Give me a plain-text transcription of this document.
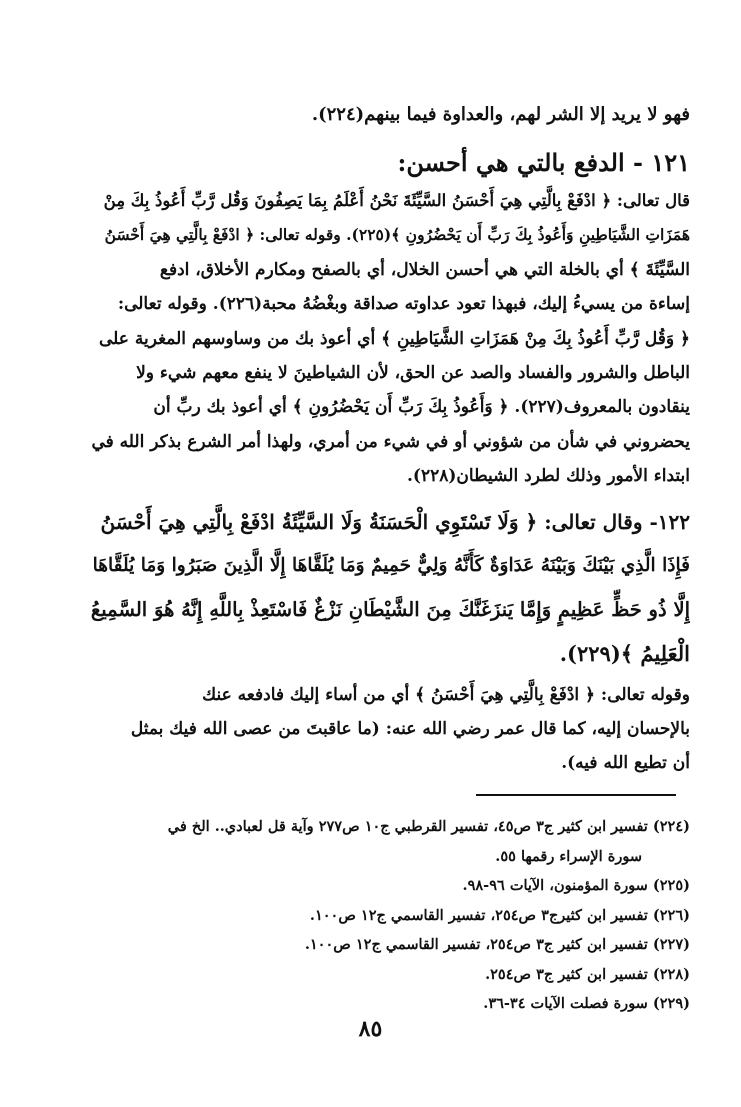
فهو لا يريد إلا الشر لهم، والعداوة فيما بينهم(٢٢٤).

١٢١ - الدفع بالتي هي أحسن:
قال تعالى: ﴿ ادْفَعْ بِالَّتِي هِيَ أَحْسَنُ السَّيِّئَةَ نَحْنُ أَعْلَمُ بِمَا يَصِفُونَ وَقُل رَّبِّ أَعُوذُ بِكَ مِنْ
هَمَزَاتِ الشَّيَاطِينِ وَأَعُوذُ بِكَ رَبِّ أَن يَحْضُرُونِ ﴾(٢٢٥). وقوله تعالى: ﴿ ادْفَعْ بِالَّتِي هِيَ أَحْسَنُ
السَّيِّئَةَ ﴾ أي بالخلة التي هي أحسن الخلال، أي بالصفح ومكارم الأخلاق، ادفع
إساءة من يسيءُ إليك، فبهذا تعود عداوته صداقة وبغْضُهُ محبة(٢٢٦). وقوله تعالى:
﴿ وَقُل رَّبِّ أَعُوذُ بِكَ مِنْ هَمَزَاتِ الشَّيَاطِينِ ﴾ أي أعوذ بك من وساوسهم المغرية على
الباطل والشرور والفساد والصد عن الحق، لأن الشياطينَ لا ينفع معهم شيء ولا
ينقادون بالمعروف(٢٢٧). ﴿ وَأَعُوذُ بِكَ رَبِّ أَن يَحْضُرُونِ ﴾ أي أعوذ بك ربِّ أن
يحضروني في شأن من شؤوني أو في شيء من أمري، ولهذا أمر الشرع بذكر الله في
ابتداء الأمور وذلك لطرد الشيطان(٢٢٨).
١٢٢- وقال تعالى: ﴿ وَلَا تَسْتَوِي الْحَسَنَةُ وَلَا السَّيِّئَةُ ادْفَعْ بِالَّتِي هِيَ أَحْسَنُ
فَإِذَا الَّذِي بَيْنَكَ وَبَيْنَهُ عَدَاوَةٌ كَأَنَّهُ وَلِيٌّ حَمِيمٌ وَمَا يُلَقَّاهَا إِلَّا الَّذِينَ صَبَرُوا وَمَا يُلَقَّاهَا
إِلَّا ذُو حَظٍّ عَظِيمٍ وَإِمَّا يَنزَغَنَّكَ مِنَ الشَّيْطَانِ نَزْغٌ فَاسْتَعِذْ بِاللَّهِ إِنَّهُ هُوَ السَّمِيعُ
الْعَلِيمُ ﴾(٢٢٩).
وقوله تعالى: ﴿ ادْفَعْ بِالَّتِي هِيَ أَحْسَنُ ﴾ أي من أساء إليك فادفعه عنك
بالإحسان إليه، كما قال عمر رضي الله عنه: (ما عاقبتَ من عصى الله فيك بمثل
أن تطيع الله فيه).
(٢٢٤) تفسير ابن كثير ج٣ ص٤٥، تفسير القرطبي ج١٠ ص٢٧٧ وآية قل لعبادي.. الخ في
سورة الإسراء رقمها ٥٥.
(٢٢٥) سورة المؤمنون، الآيات ٩٦-٩٨.
(٢٢٦) تفسير ابن كثيرج٣ ص٢٥٤، تفسير القاسمي ج١٢ ص١٠٠.
(٢٢٧) تفسير ابن كثير ج٣ ص٢٥٤، تفسير القاسمي ج١٢ ص١٠٠.
(٢٢٨) تفسير ابن كثير ج٣ ص٢٥٤.
(٢٢٩) سورة فصلت الآيات ٣٤-٣٦.
٨٥
